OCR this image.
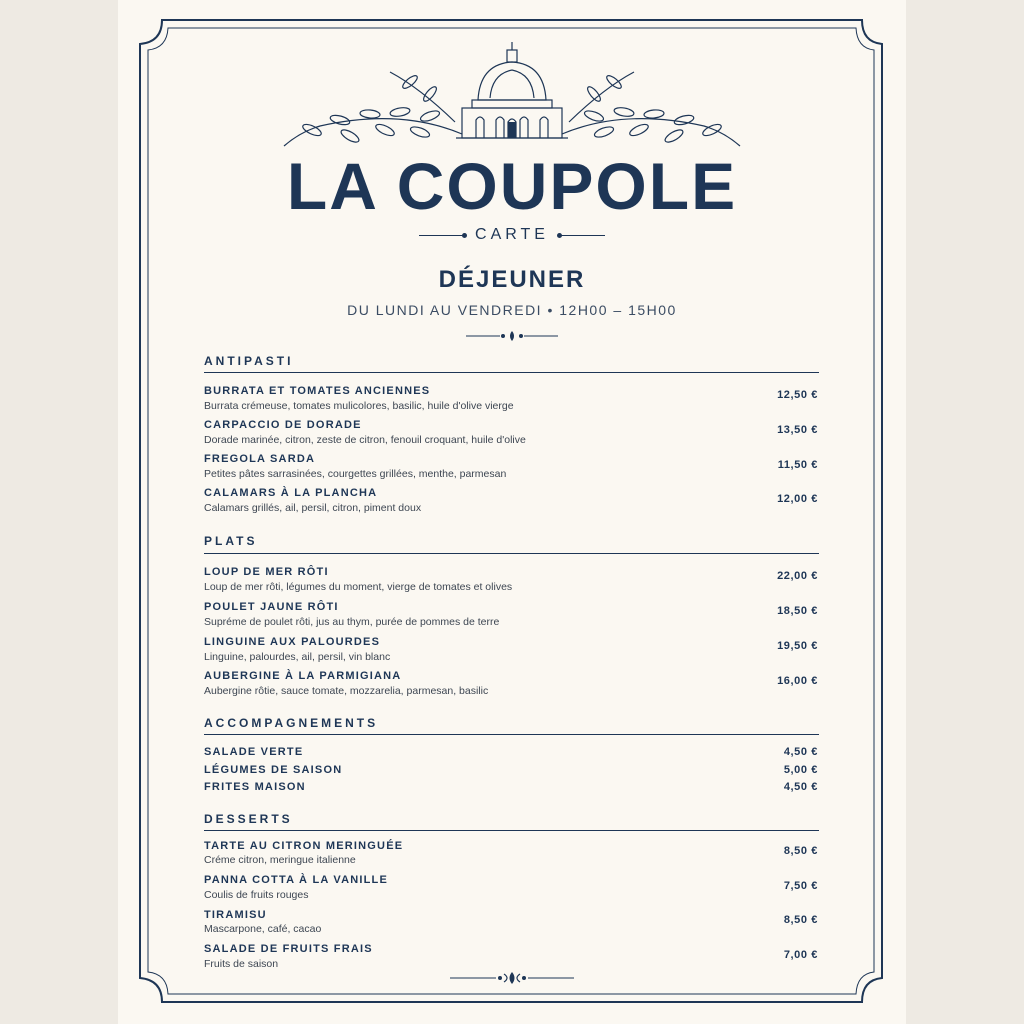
LA COUPOLE
CARTE
DÉJEUNER
DU LUNDI AU VENDREDI • 12H00 – 15H00
ANTIPASTI
BURRATA ET TOMATES ANCIENNES
Burrata crémeuse, tomates mulicolores, basilic, huile d'olive vierge
12,50 €
CARPACCIO DE DORADE
Dorade marinée, citron, zeste de citron, fenouil croquant, huile d'olive
13,50 €
FREGOLA SARDA
Petites pâtes sarrasinées, courgettes grillées, menthe, parmesan
11,50 €
CALAMARS À LA PLANCHA
Calamars grillés, ail, persil, citron, piment doux
12,00 €
PLATS
LOUP DE MER RÔTI
Loup de mer rôti, légumes du moment, vierge de tomates et olives
22,00 €
POULET JAUNE RÔTI
Supréme de poulet rôti, jus au thym, purée de pommes de terre
18,50 €
LINGUINE AUX PALOURDES
Linguine, palourdes, ail, persil, vin blanc
19,50 €
AUBERGINE À LA PARMIGIANA
Aubergine rôtie, sauce tomate, mozzarelia, parmesan, basilic
16,00 €
ACCOMPAGNEMENTS
SALADE VERTE	4,50 €
LÉGUMES DE SAISON	5,00 €
FRITES MAISON	4,50 €
DESSERTS
TARTE AU CITRON MERINGUÉE
Créme citron, meringue italienne
8,50 €
PANNA COTTA À LA VANILLE
Coulis de fruits rouges
7,50 €
TIRAMISU
Mascarpone, café, cacao
8,50 €
SALADE DE FRUITS FRAIS
Fruits de saison
7,00 €
